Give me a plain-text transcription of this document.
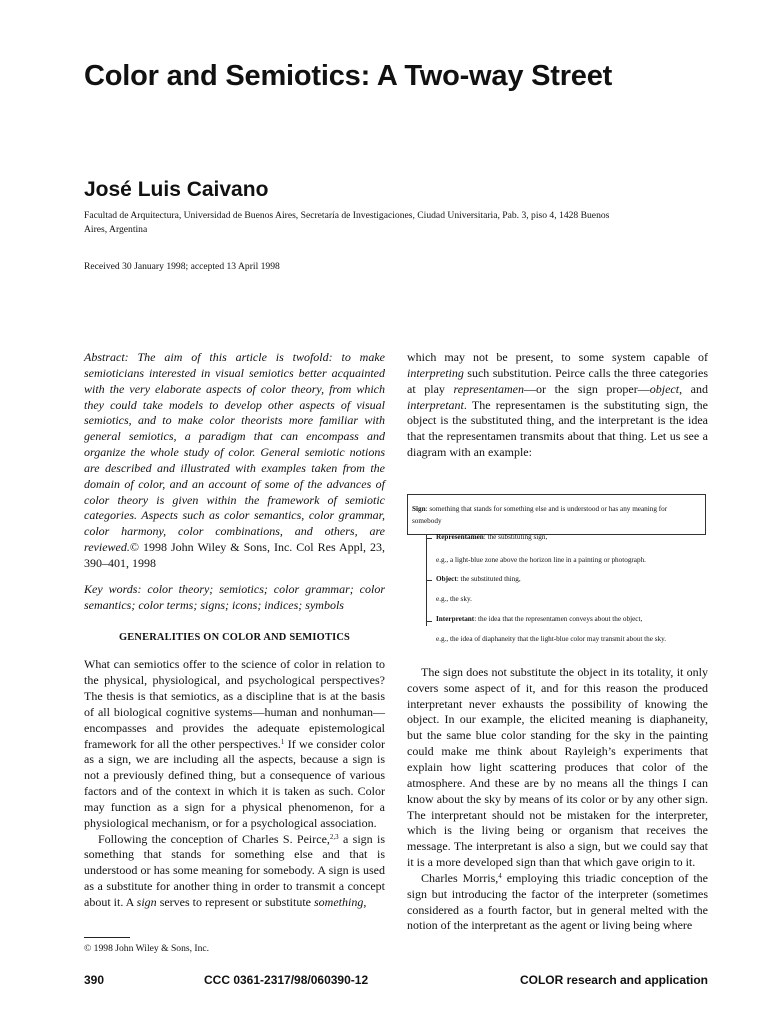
Color and Semiotics: A Two-way Street
José Luis Caivano
Facultad de Arquitectura, Universidad de Buenos Aires, Secretaría de Investigaciones, Ciudad Universitaria, Pab. 3, piso 4, 1428 Buenos Aires, Argentina
Received 30 January 1998; accepted 13 April 1998

Abstract: The aim of this article is twofold: to make semioticians interested in visual semiotics better acquainted with the very elaborate aspects of color theory, from which they could take models to develop other aspects of visual semiotics, and to make color theorists more familiar with general semiotics, a paradigm that can encompass and organize the whole study of color. General semiotic notions are described and illustrated with examples taken from the domain of color, and an account of some of the advances of color theory is given within the framework of semiotic categories. Aspects such as color semantics, color grammar, color harmony, color combinations, and others, are reviewed.© 1998 John Wiley & Sons, Inc. Col Res Appl, 23, 390–401, 1998

Key words: color theory; semiotics; color grammar; color semantics; color terms; signs; icons; indices; symbols

GENERALITIES ON COLOR AND SEMIOTICS

What can semiotics offer to the science of color in relation to the physical, physiological, and psychological perspectives? The thesis is that semiotics, as a discipline that is at the basis of all biological cognitive systems—human and nonhuman—encompasses and provides the adequate epistemological framework for all the other perspectives.$^1$ If we consider color as a sign, we are including all the aspects, because a sign is not a previously defined thing, but a consequence of various factors and of the context in which it is taken as such. Color may function as a sign for a physical phenomenon, for a physiological mechanism, or for a psychological association.

Following the conception of Charles S. Peirce,$^{2,3}$ a sign is something that stands for something else and that is understood or has some meaning for somebody. A sign is used as a substitute for another thing in order to transmit a concept about it. A sign serves to represent or substitute something,

© 1998 John Wiley & Sons, Inc.

which may not be present, to some system capable of interpreting such substitution. Peirce calls the three categories at play representamen—or the sign proper—object, and interpretant. The representamen is the substituting sign, the object is the substituted thing, and the interpretant is the idea that the representamen transmits about that thing. Let us see a diagram with an example:

The sign does not substitute the object in its totality, it only covers some aspect of it, and for this reason the produced interpretant never exhausts the possibility of knowing the object. In our example, the elicited meaning is diaphaneity, but the same blue color standing for the sky in the painting could make me think about Rayleigh’s experiments that explain how light scattering produces that color of the atmosphere. And these are by no means all the things I can know about the sky by means of its color or by any other sign. The interpretant should not be mistaken for the interpreter, which is the living being or organism that receives the message. The interpretant is also a sign, but we could say that it is a more developed sign than that which gave origin to it.

Charles Morris,$^4$ employing this triadic conception of the sign but introducing the factor of the interpreter (sometimes considered as a fourth factor, but in general melted with the notion of the interpretant as the agent or living being where

Sign: something that stands for something else and is understood or has any meaning for somebody
Representamen: the substituting sign,
e.g., a light-blue zone above the horizon line in a painting or photograph.
Object: the substituted thing,
e.g., the sky.
Interpretant: the idea that the representamen conveys about the object,
e.g., the idea of diaphaneity that the light-blue color may transmit about the sky.
390	CCC 0361-2317/98/060390-12	COLOR research and application
